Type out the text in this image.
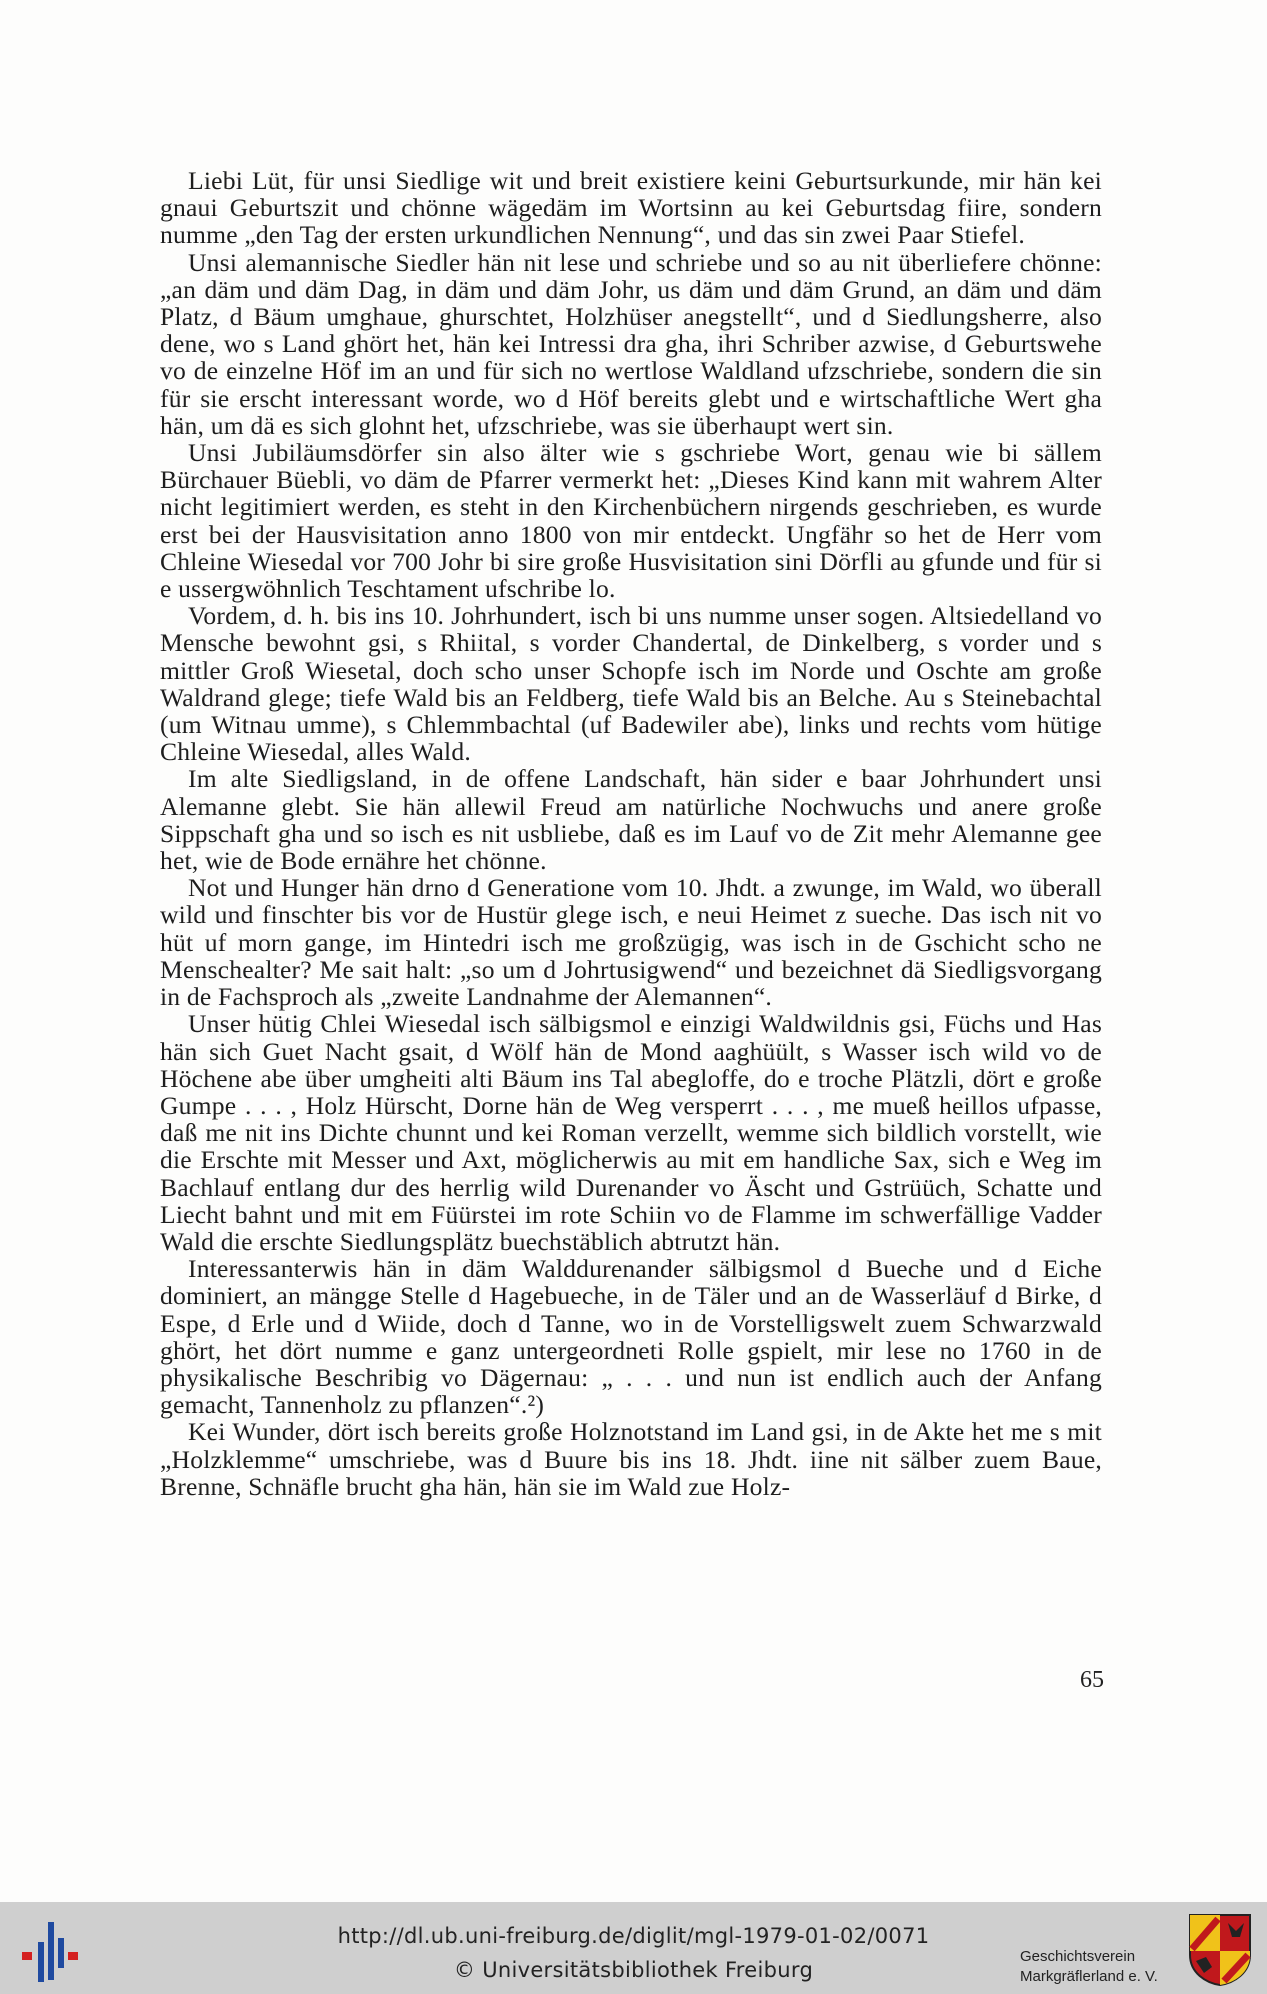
Liebi Lüt, für unsi Siedlige wit und breit existiere keini Geburtsurkunde, mir hän kei gnaui Geburtszit und chönne wägedäm im Wortsinn au kei Geburtsdag fiire, sondern numme „den Tag der ersten urkundlichen Nennung“, und das sin zwei Paar Stiefel.

Unsi alemannische Siedler hän nit lese und schriebe und so au nit überliefere chönne: „an däm und däm Dag, in däm und däm Johr, us däm und däm Grund, an däm und däm Platz, d Bäum umghaue, ghurschtet, Holzhüser anegstellt“, und d Siedlungsherre, also dene, wo s Land ghört het, hän kei Intressi dra gha, ihri Schriber azwise, d Geburtswehe vo de einzelne Höf im an und für sich no wertlose Waldland ufzschriebe, sondern die sin für sie erscht interessant worde, wo d Höf bereits glebt und e wirtschaftliche Wert gha hän, um dä es sich glohnt het, ufzschriebe, was sie überhaupt wert sin.

Unsi Jubiläumsdörfer sin also älter wie s gschriebe Wort, genau wie bi sällem Bürchauer Büebli, vo däm de Pfarrer vermerkt het: „Dieses Kind kann mit wahrem Alter nicht legitimiert werden, es steht in den Kirchenbüchern nirgends geschrieben, es wurde erst bei der Hausvisitation anno 1800 von mir entdeckt. Ungfähr so het de Herr vom Chleine Wiesedal vor 700 Johr bi sire große Husvisitation sini Dörfli au gfunde und für si e ussergwöhnlich Teschtament ufschribe lo.

Vordem, d. h. bis ins 10. Johrhundert, isch bi uns numme unser sogen. Altsiedelland vo Mensche bewohnt gsi, s Rhiital, s vorder Chandertal, de Dinkelberg, s vorder und s mittler Groß Wiesetal, doch scho unser Schopfe isch im Norde und Oschte am große Waldrand glege; tiefe Wald bis an Feldberg, tiefe Wald bis an Belche. Au s Steinebachtal (um Witnau umme), s Chlemmbachtal (uf Badewiler abe), links und rechts vom hütige Chleine Wiesedal, alles Wald.

Im alte Siedligsland, in de offene Landschaft, hän sider e baar Johrhundert unsi Alemanne glebt. Sie hän allewil Freud am natürliche Nochwuchs und anere große Sippschaft gha und so isch es nit usbliebe, daß es im Lauf vo de Zit mehr Alemanne gee het, wie de Bode ernähre het chönne.

Not und Hunger hän drno d Generatione vom 10. Jhdt. a zwunge, im Wald, wo überall wild und finschter bis vor de Hustür glege isch, e neui Heimet z sueche. Das isch nit vo hüt uf morn gange, im Hintedri isch me großzügig, was isch in de Gschicht scho ne Menschealter? Me sait halt: „so um d Johrtusigwend“ und bezeichnet dä Siedligsvorgang in de Fachsproch als „zweite Landnahme der Alemannen“.

Unser hütig Chlei Wiesedal isch sälbigsmol e einzigi Waldwildnis gsi, Füchs und Has hän sich Guet Nacht gsait, d Wölf hän de Mond aaghüült, s Wasser isch wild vo de Höchene abe über umgheiti alti Bäum ins Tal abegloffe, do e troche Plätzli, dört e große Gumpe . . . , Holz Hürscht, Dorne hän de Weg versperrt . . . , me mueß heillos ufpasse, daß me nit ins Dichte chunnt und kei Roman verzellt, wemme sich bildlich vorstellt, wie die Erschte mit Messer und Axt, möglicherwis au mit em handliche Sax, sich e Weg im Bachlauf entlang dur des herrlig wild Durenander vo Äscht und Gstrüüch, Schatte und Liecht bahnt und mit em Füürstei im rote Schiin vo de Flamme im schwerfällige Vadder Wald die erschte Siedlungsplätz buechstäblich abtrutzt hän.

Interessanterwis hän in däm Walddurenander sälbigsmol d Bueche und d Eiche dominiert, an mängge Stelle d Hagebueche, in de Täler und an de Wasserläuf d Birke, d Espe, d Erle und d Wiide, doch d Tanne, wo in de Vorstelligswelt zuem Schwarzwald ghört, het dört numme e ganz untergeordneti Rolle gspielt, mir lese no 1760 in de physikalische Beschribig vo Dägernau: „ . . . und nun ist endlich auch der Anfang gemacht, Tannenholz zu pflanzen“.²)

Kei Wunder, dört isch bereits große Holznotstand im Land gsi, in de Akte het me s mit „Holzklemme“ umschriebe, was d Buure bis ins 18. Jhdt. iine nit sälber zuem Baue, Brenne, Schnäfle brucht gha hän, hän sie im Wald zue Holz-

65
http://dl.ub.uni-freiburg.de/diglit/mgl-1979-01-02/0071
© Universitätsbibliothek Freiburg
Geschichtsverein
Markgräflerland e. V.
